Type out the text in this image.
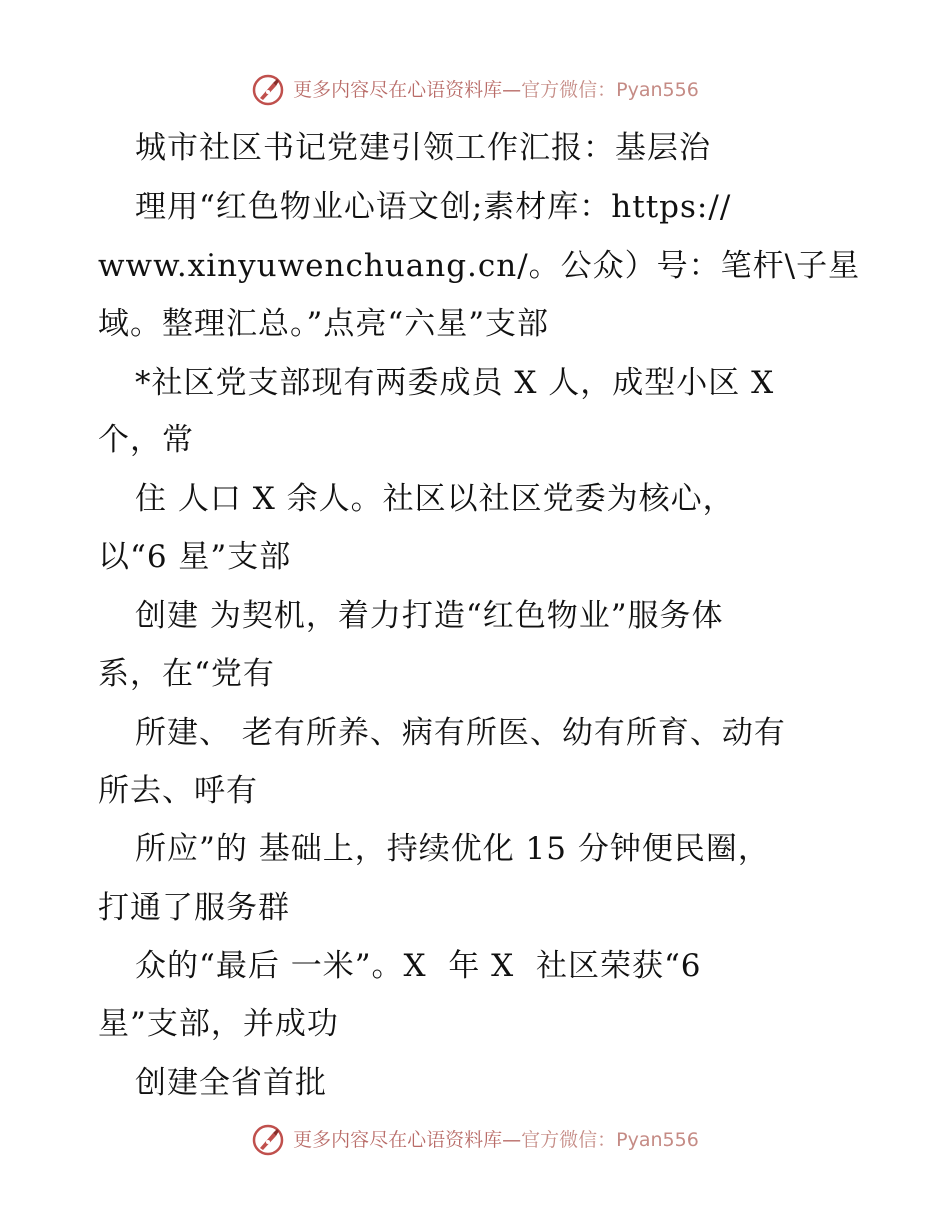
更多内容尽在心语资料库—官方微信：Pyan556
城市社区书记党建引领工作汇报：基层治
理用“红色物业心语文创;素材库：https://
www.xinyuwenchuang.cn/。公众）号：笔杆\子星
域。整理汇总。”点亮“六星”支部
*社区党支部现有两委成员 X 人，成型小区 X
个，常
住 人口 X 余人。社区以社区党委为核心，
以“6 星”支部
创建 为契机，着力打造“红色物业”服务体
系，在“党有
所建、 老有所养、病有所医、幼有所育、动有
所去、呼有
所应”的 基础上，持续优化 15 分钟便民圈，
打通了服务群
众的“最后 一米”。X  年 X  社区荣获“6
星”支部，并成功
创建全省首批
更多内容尽在心语资料库—官方微信：Pyan556
